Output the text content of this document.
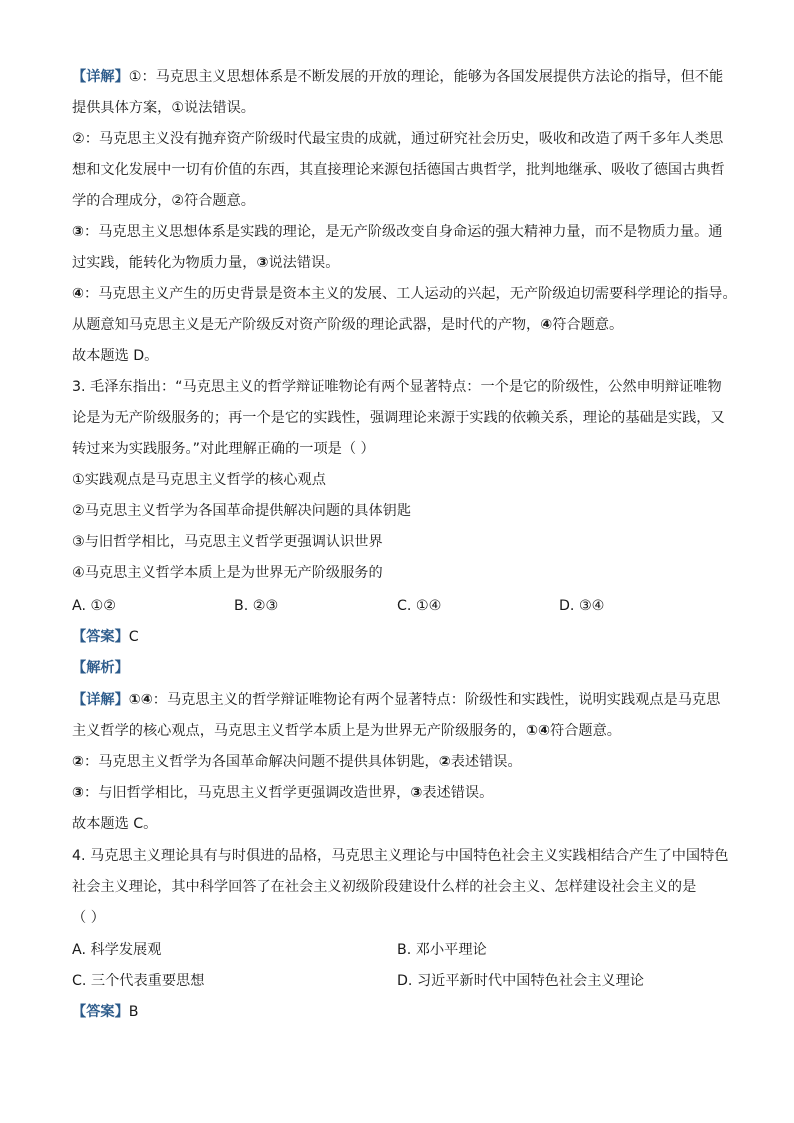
【详解】①：马克思主义思想体系是不断发展的开放的理论，能够为各国发展提供方法论的指导，但不能
提供具体方案，①说法错误。
②：马克思主义没有抛弃资产阶级时代最宝贵的成就，通过研究社会历史，吸收和改造了两千多年人类思
想和文化发展中一切有价值的东西，其直接理论来源包括德国古典哲学，批判地继承、吸收了德国古典哲
学的合理成分，②符合题意。
③：马克思主义思想体系是实践的理论，是无产阶级改变自身命运的强大精神力量，而不是物质力量。通
过实践，能转化为物质力量，③说法错误。
④：马克思主义产生的历史背景是资本主义的发展、工人运动的兴起，无产阶级迫切需要科学理论的指导。
从题意知马克思主义是无产阶级反对资产阶级的理论武器，是时代的产物，④符合题意。
故本题选 D。
3. 毛泽东指出：“马克思主义的哲学辩证唯物论有两个显著特点：一个是它的阶级性，公然申明辩证唯物
论是为无产阶级服务的；再一个是它的实践性，强调理论来源于实践的依赖关系，理论的基础是实践，又
转过来为实践服务。”对此理解正确的一项是（ ）
①实践观点是马克思主义哲学的核心观点
②马克思主义哲学为各国革命提供解决问题的具体钥匙
③与旧哲学相比，马克思主义哲学更强调认识世界
④马克思主义哲学本质上是为世界无产阶级服务的
A. ①②	B. ②③	C. ①④	D. ③④
【答案】C
【解析】
【详解】①④：马克思主义的哲学辩证唯物论有两个显著特点：阶级性和实践性，说明实践观点是马克思
主义哲学的核心观点，马克思主义哲学本质上是为世界无产阶级服务的，①④符合题意。
②：马克思主义哲学为各国革命解决问题不提供具体钥匙，②表述错误。
③：与旧哲学相比，马克思主义哲学更强调改造世界，③表述错误。
故本题选 C。
4. 马克思主义理论具有与时俱进的品格，马克思主义理论与中国特色社会主义实践相结合产生了中国特色
社会主义理论，其中科学回答了在社会主义初级阶段建设什么样的社会主义、怎样建设社会主义的是
（ ）
A. 科学发展观	B. 邓小平理论
C. 三个代表重要思想	D. 习近平新时代中国特色社会主义理论
【答案】B
